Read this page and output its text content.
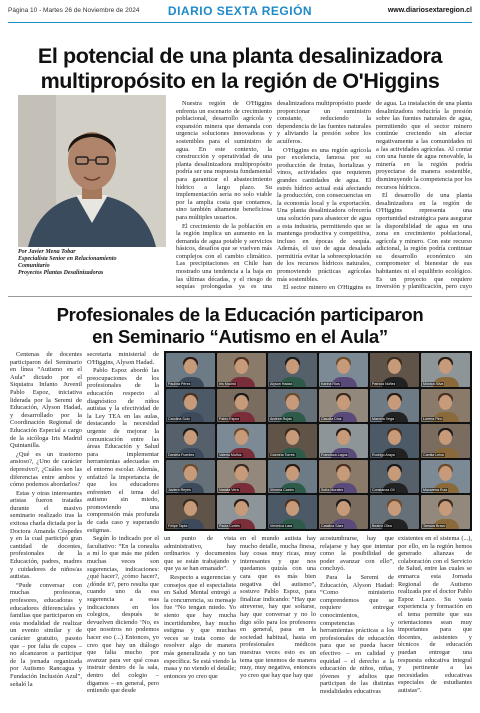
Página 10 - Martes 26 de Noviembre de 2024	DIARIO SEXTA REGIÓN	www.diariosextaregion.cl
El potencial de una planta desalinizadora
multipropósito en la región de O'Higgins
Por Javier Mena Tobar
Especialista Senior en Relacionamiento
Comunitario
Proyectos Plantas Desalinizadoras

Nuestra región de O'Higgins enfrenta un escenario de crecimiento poblacional, desarrollo agrícola y expansión minera que demanda con urgencia soluciones innovadoras y sostenibles para el suministro de agua. En este contexto, la construcción y operatividad de una planta desalinizadora multipropósito podría ser una respuesta fundamental para garantizar el abastecimiento hídrico a largo plazo. Su implementación sería no solo viable por la amplia costa que contamos, sino también altamente beneficiosa para múltiples usuarios.

El crecimiento de la población en la región implica un aumento en la demanda de agua potable y servicios básicos, desafíos que se vuelven más complejos con el cambio climático. Las precipitaciones en Chile han mostrado una tendencia a la baja en las últimas décadas, y el riesgo de sequías prolongadas ya es una

desalinizadora multipropósito puede proporcionar un suministro constante, reduciendo la dependencia de las fuentes naturales y aliviando la presión sobre los acuíferos.

O'Higgins es una región agrícola por excelencia, famosa por su producción de frutas, hortalizas y vinos, actividades que requieren grandes cantidades de agua. El estrés hídrico actual está afectando la producción, con consecuencias en la economía local y la exportación. Una planta desalinizadora ofrecería una solución para abastecer de agua a esta industria, permitiendo que se mantenga productiva y competitiva, incluso en épocas de sequía. Además, el uso de agua desalada permitiría evitar la sobreexplotación de los recursos hídricos naturales, promoviendo prácticas agrícolas más sostenibles.

El sector minero en O'Higgins es

de agua. La instalación de una planta desalinizadora reduciría la presión sobre las fuentes naturales de agua, permitiendo que el sector minero continúe creciendo sin afectar negativamente a las comunidades ni a las actividades agrícolas. Al contar con una fuente de agua renovable, la minería en la región podría proyectarse de manera sostenible, disminuyendo la competencia por los recursos hídricos.

El desarrollo de una planta desalinizadora en la región de O'Higgins representa una oportunidad estratégica para asegurar la disponibilidad de agua en una zona en crecimiento poblacional, agrícola y minero. Con este recurso adicional, la región podría continuar su desarrollo económico sin comprometer el bienestar de sus habitantes ni el equilibrio ecológico. Es un proyecto que requiere inversión y planificación, pero cuyo

Profesionales de la Educación participaron
en Seminario “Autismo en el Aula”

Centenas de docentes participaron del Seminario en línea “Autismo en el Aula” dictado por el Siquiatra Infanto Juvenil Pablo Espoz, iniciativa liderada por la Seremi de Educación, Alyson Hadad, y desarrollado por la Coordinación Regional de Educación Especial a cargo de la sicóloga Iris Madrid Quintanilla.

¿Qué es un trastorno ansioso?, ¿Uno de carácter depresivo?, ¿Cuáles son las diferencias entre ambos y cómo podemos abordarlos?

Estas y otras interesantes aristas fueron tratadas durante el masivo seminario realizado tras la exitosa charla dictada por la Doctora Amanda Céspedes y en la cual participó gran cantidad de docentes, profesionales de la Educación, padres, madres y cuidadores de niños/as autistas.

“Pude conversar con muchas profesoras, profesores, educadoras y educadores diferenciales y familias que participaron en esta modalidad de realizar un evento similar y de carácter gratuito, pasoto que – por falta de cupos – no alcanzaron a participar de la jornada organizada por Autismo Rancagua y Fundación Inclusión Azul”, señaló la

secretaria ministerial de O'Higgins, Alyson Hadad.

Pablo Espoz abordó las preocupaciones de los profesionales de la educación respecto al diagnóstico de niños autistas y la efectividad de la Ley TEA en las aulas, destacando la necesidad urgente de mejorar la comunicación entre las áreas Educación y Salud para implementar herramientas adecuadas en el entorno escolar. Además, enfatizó la importancia de que los educadores enfrenten el tema del autismo sin miedo, promoviendo una comprensión más profunda de cada caso y superando estigmas.

Según lo indicado por el facultativo: “En la consulta a mí lo que más me piden muchas veces son sugerencias, indicaciones: ¿qué hacer?, ¿cómo hacer?, ¿dónde ir?, pero resulta que cuando uno da esa sugerencia a esas indicaciones en los colegios, después te devuelven diciendo ‘No, es que nosotros no podemos hacer eso (...) Entonces, yo creo que hay un diálogo que falta mucho por avanzar para ver qué cosas instruir dentro de la sala, dentro del colegio – digamos – en general, pero entiendo que desde

Paulina Pérez	Iris Madrid	Alyson Hadad	Karina Ríos	Patricia Núñez	Mónica Silva
Carolina Soto	Pablo Espoz	Andrea Rojas	Claudia Díaz	Marcela Vega	Lorena Pino
Daniela Fuentes	Valeria Muñoz	Gabriela Torres	Francisca Lagos	Rodrigo Araya	Camila Leiva
Javiera Reyes	Natalia Vera	Ximena Castro	Sofía Morales	Constanza Gil	Macarena Ruiz
Felipe Tapia	Paola Cortés	Verónica Lara	Catalina Sáez	Beatriz Olea	Tamara Bravo

un punto de vista administrativo, hay ordinarios y documentos que se están trabajando y que ya se han emanado”.

Respecto a sugerencias y consejos que el especialista en Salud Mental entregó a la concurrencia, su mensaje fue “No tengan miedo. Yo siento que hay mucha incertidumbre, hay mucho estigma y que muchas veces se trata como de resolver algo de manera más generalizada y no tan específica. Se está viendo la masa y no viendo el detalle; entonces yo creo que

en el mundo autista hay mucho detalle, mucha finesa, hay cosas muy ricas, muy interesantes y que nos quedamos quizás con una cara que es más bien negativa del autismo”, sostuvo Pablo Espoz, para finalizar indicando: “Hay que atreverse, hay que soltarse, hay que conversar y no lo digo sólo para los profesores en general, pasa en la sociedad habitual, hasta en profesionales médicos nuestras veces esto es un tema que tenemos de manera muy, muy negativa, entonces yo creo que hay que hay que

acostumbrarse, hay que relajarse y hay que intentar como la posibilidad de poder avanzar con ello”, concluyó.

Para la Seremi de Educación, Alyson Hadad: “Como ministerio comprendemos que se requiere entregar conocimientos, competencias y herramientas prácticas a los profesionales de educación para que se pueda hacer efectivo – en calidad y equidad – el derecho a la educación de niños, niñas, jóvenes y adultos que participan de las distintas modalidades educativas

existentes en el sistema (...), por ello, en la región hemos generado alianzas de colaboración con el Servicio de Salud, entre las cuales se enmarca esta Jornada Regional de Autismo realizada por el doctor Pablo Espoz Lazo. Su vasta experiencia y formación en el tema permite que sus orientaciones sean muy importantes para que docentes, asistentes y técnicos de educación puedan entregar una respuesta educativa integral y pertinente a las necesidades educativas especiales de estudiantes autistas”.
